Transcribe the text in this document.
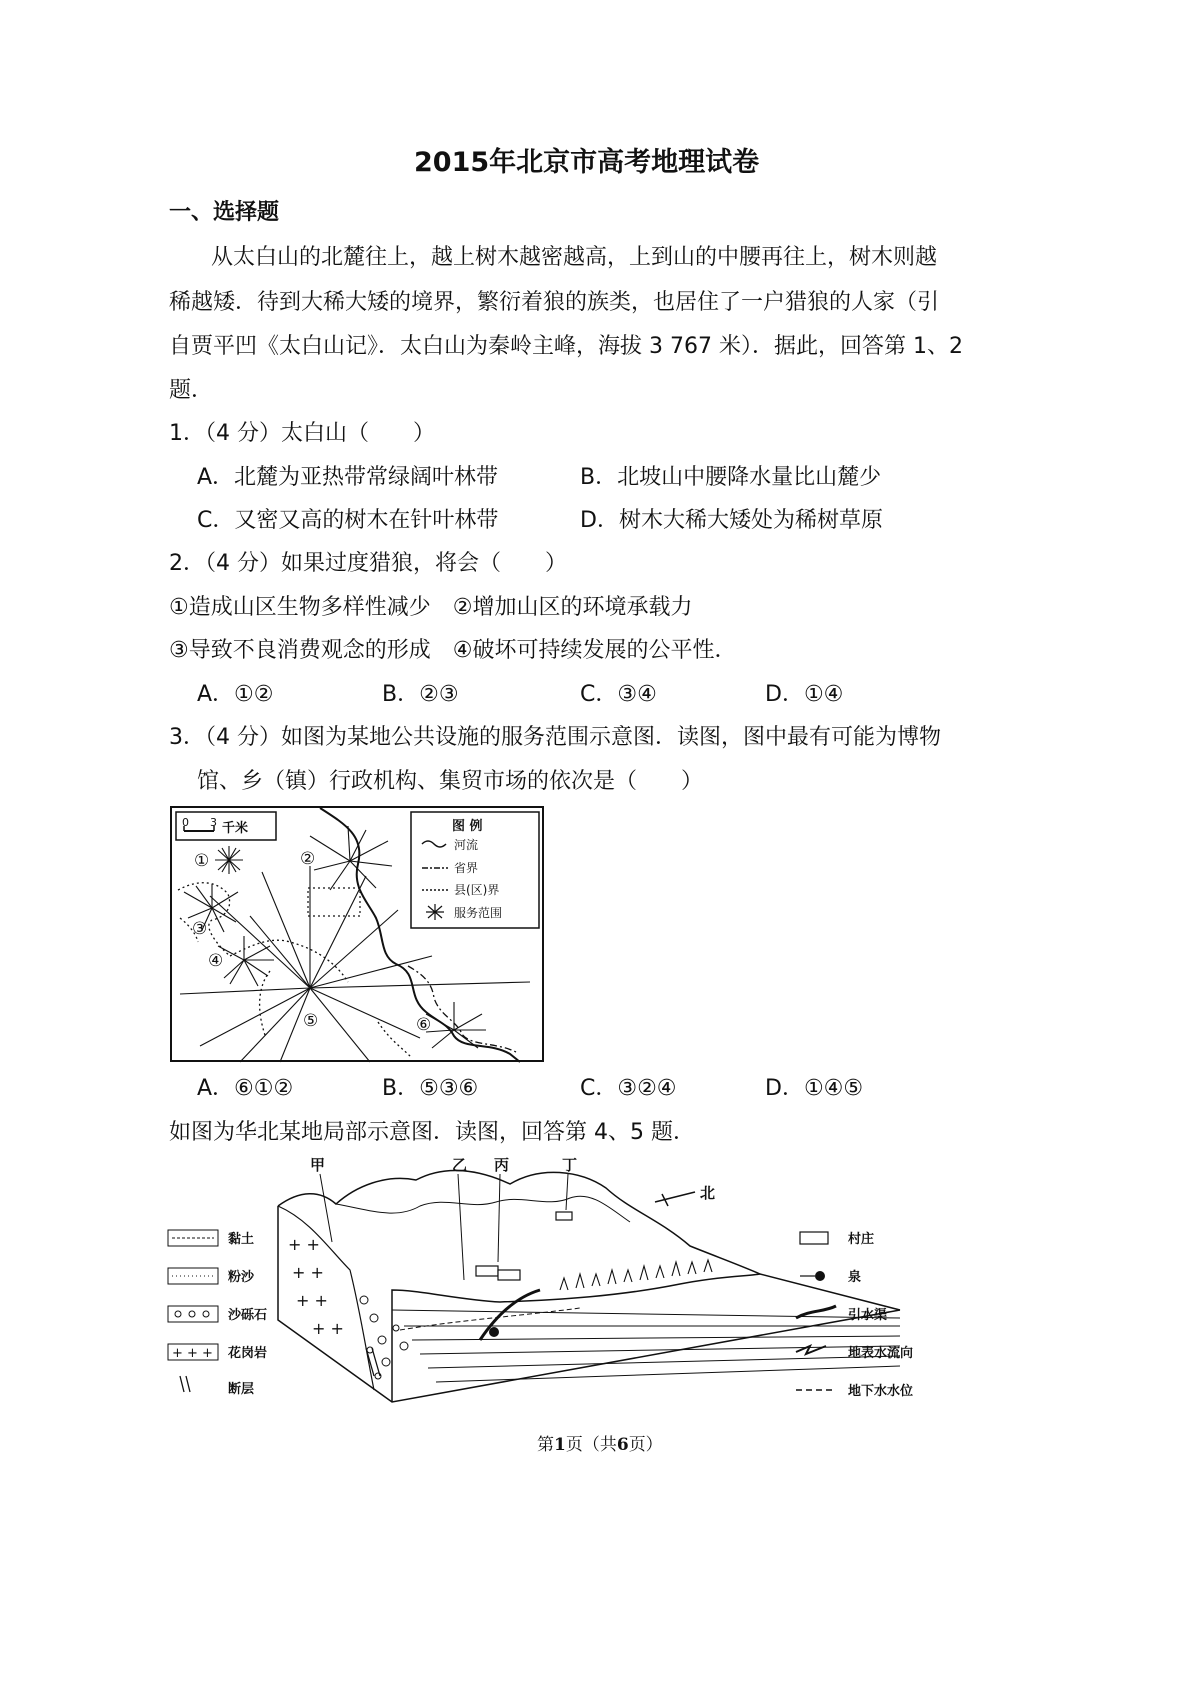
2015年北京市高考地理试卷
一、选择题
从太白山的北麓往上，越上树木越密越高，上到山的中腰再往上，树木则越
稀越矮．待到大稀大矮的境界，繁衍着狼的族类，也居住了一户猎狼的人家（引
自贾平凹《太白山记》．太白山为秦岭主峰，海拔 3 767 米）．据此，回答第 1、2
题．
1．（4 分）太白山（　　）
A．北麓为亚热带常绿阔叶林带	B．北坡山中腰降水量比山麓少
C．又密又高的树木在针叶林带	D．树木大稀大矮处为稀树草原
2．（4 分）如果过度猎狼，将会（　　）
①造成山区生物多样性减少　②增加山区的环境承载力
③导致不良消费观念的形成　④破坏可持续发展的公平性．
A．①②	B．②③	C．③④	D．①④
3．（4 分）如图为某地公共设施的服务范围示意图．读图，图中最有可能为博物
馆、乡（镇）行政机构、集贸市场的依次是（　　）
0 3 千米	图 例
河流
省界
县(区)界
服务范围
①	②
③
④
⑤	⑥
A．⑥①②	B．⑤③⑥	C．③②④	D．①④⑤
如图为华北某地局部示意图．读图，回答第 4、5 题．
甲	乙 丙	丁
北
+ +
+ +
+ +
+ +
黏土
粉沙
沙砾石
+ + + 花岗岩
断层
村庄
泉
引水渠
地表水流向
地下水水位
第1页（共6页）
